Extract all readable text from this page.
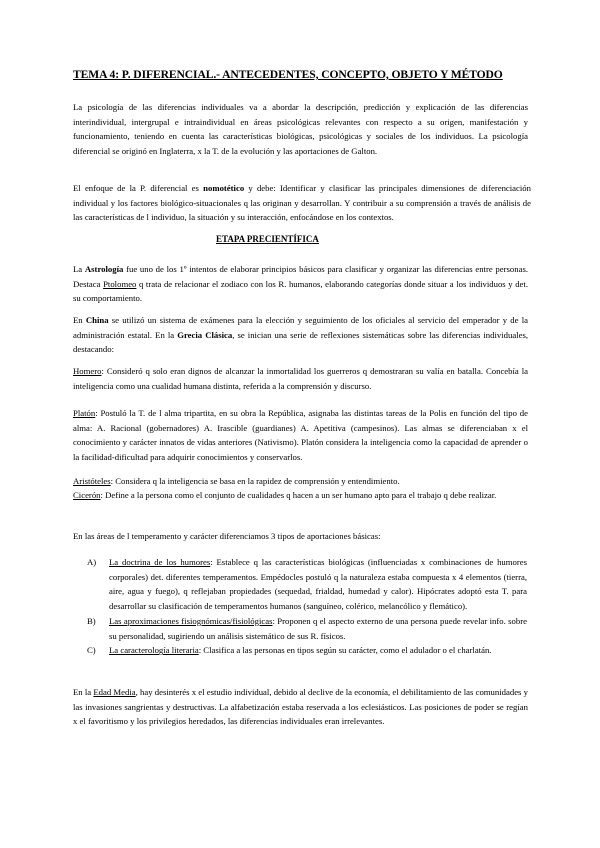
TEMA 4: P. DIFERENCIAL.- ANTECEDENTES, CONCEPTO, OBJETO Y MÉTODO
La psicología de las diferencias individuales va a abordar la descripción, predicción y explicación de las diferencias interindividual, intergrupal e intraindividual en áreas psicológicas relevantes con respecto a su origen, manifestación y funcionamiento, teniendo en cuenta las características biológicas, psicológicas y sociales de los individuos. La psicología diferencial se originó en Inglaterra, x la T. de la evolución y las aportaciones de Galton.
El enfoque de la P. diferencial es nomotético y debe: Identificar y clasificar las principales dimensiones de diferenciación individual y los factores biológico-situacionales q las originan y desarrollan. Y contribuir a su comprensión a través de análisis de las características de l individuo, la situación y su interacción, enfocándose en los contextos.
ETAPA PRECIENTÍFICA
La Astrología fue uno de los 1º intentos de elaborar principios básicos para clasificar y organizar las diferencias entre personas. Destaca Ptolomeo q trata de relacionar el zodiaco con los R. humanos, elaborando categorías donde situar a los individuos y det. su comportamiento.
En China se utilizó un sistema de exámenes para la elección y seguimiento de los oficiales al servicio del emperador y de la administración estatal. En la Grecia Clásica, se inician una serie de reflexiones sistemáticas sobre las diferencias individuales, destacando:
Homero: Consideró q solo eran dignos de alcanzar la inmortalidad los guerreros q demostraran su valía en batalla. Concebía la inteligencia como una cualidad humana distinta, referida a la comprensión y discurso.
Platón: Postuló la T. de l alma tripartita, en su obra la República, asignaba las distintas tareas de la Polis en función del tipo de alma: A. Racional (gobernadores) A. Irascible (guardianes) A. Apetitiva (campesinos). Las almas se diferenciaban x el conocimiento y carácter innatos de vidas anteriores (Nativismo). Platón considera la inteligencia como la capacidad de aprender o la facilidad-dificultad para adquirir conocimientos y conservarlos.
Aristóteles: Considera q la inteligencia se basa en la rapidez de comprensión y entendimiento.
Cicerón: Define a la persona como el conjunto de cualidades q hacen a un ser humano apto para el trabajo q debe realizar.
En las áreas de l temperamento y carácter diferenciamos 3 tipos de aportaciones básicas:
A) La doctrina de los humores: Establece q las características biológicas (influenciadas x combinaciones de humores corporales) det. diferentes temperamentos. Empédocles postuló q la naturaleza estaba compuesta x 4 elementos (tierra, aire, agua y fuego), q reflejaban propiedades (sequedad, frialdad, humedad y calor). Hipócrates adoptó esta T. para desarrollar su clasificación de temperamentos humanos (sanguíneo, colérico, melancólico y flemático).
B) Las aproximaciones fisiognómicas/fisiológicas: Proponen q el aspecto externo de una persona puede revelar info. sobre su personalidad, sugiriendo un análisis sistemático de sus R. físicos.
C) La caracterología literaria: Clasifica a las personas en tipos según su carácter, como el adulador o el charlatán.
En la Edad Media, hay desinterés x el estudio individual, debido al declive de la economía, el debilitamiento de las comunidades y las invasiones sangrientas y destructivas. La alfabetización estaba reservada a los eclesiásticos. Las posiciones de poder se regían x el favoritismo y los privilegios heredados, las diferencias individuales eran irrelevantes.
